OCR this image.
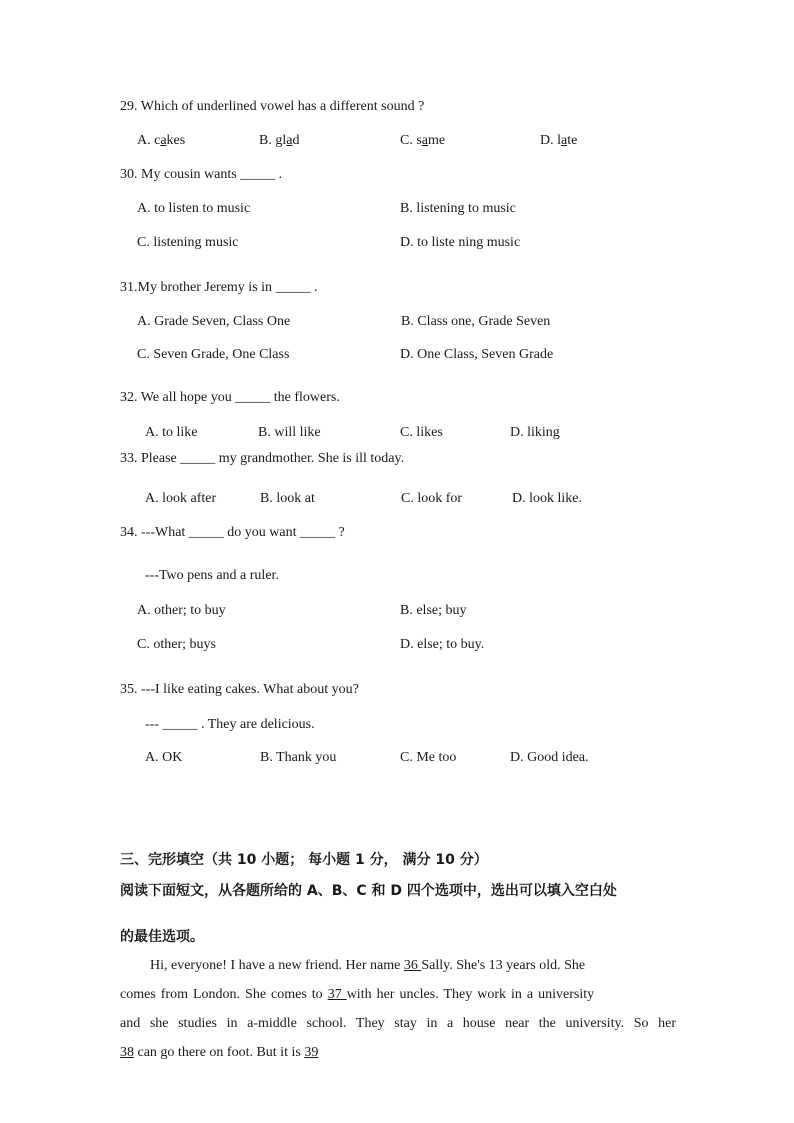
29. Which of underlined vowel has a different sound ?
A. cakes	B. glad	C. same	D. late
30. My cousin wants _____ .
A. to listen to music	B. listening to music
C. listening music	D. to liste ning music
31.My brother Jeremy is in _____ .
A. Grade Seven, Class One	B. Class one, Grade Seven
C. Seven Grade, One Class	D. One Class, Seven Grade
32. We all hope you _____ the flowers.
A. to like	B. will like	C. likes	D. liking
33. Please _____ my grandmother. She is ill today.
A. look after	B. look at	C. look for	D. look like.
34. ---What _____ do you want _____ ?
---Two pens and a ruler.
A. other; to buy	B. else; buy
C. other; buys	D. else; to buy.
35. ---I like eating cakes. What about you?
--- _____ . They are delicious.
A. OK	B. Thank you	C. Me too	D. Good idea.
三、完形填空（共 10 小题； 每小题 1 分， 满分 10 分）
阅读下面短文，从各题所给的 A、B、C 和 D 四个选项中，选出可以填入空白处
的最佳选项。
Hi, everyone! I have a new friend. Her name 36 Sally. She's 13 years old. She
comes from London. She comes to 37 with her uncles. They work in a university
and she studies in a-middle school. They stay in a house near the university. So her
38 can go there on foot. But it is 39
